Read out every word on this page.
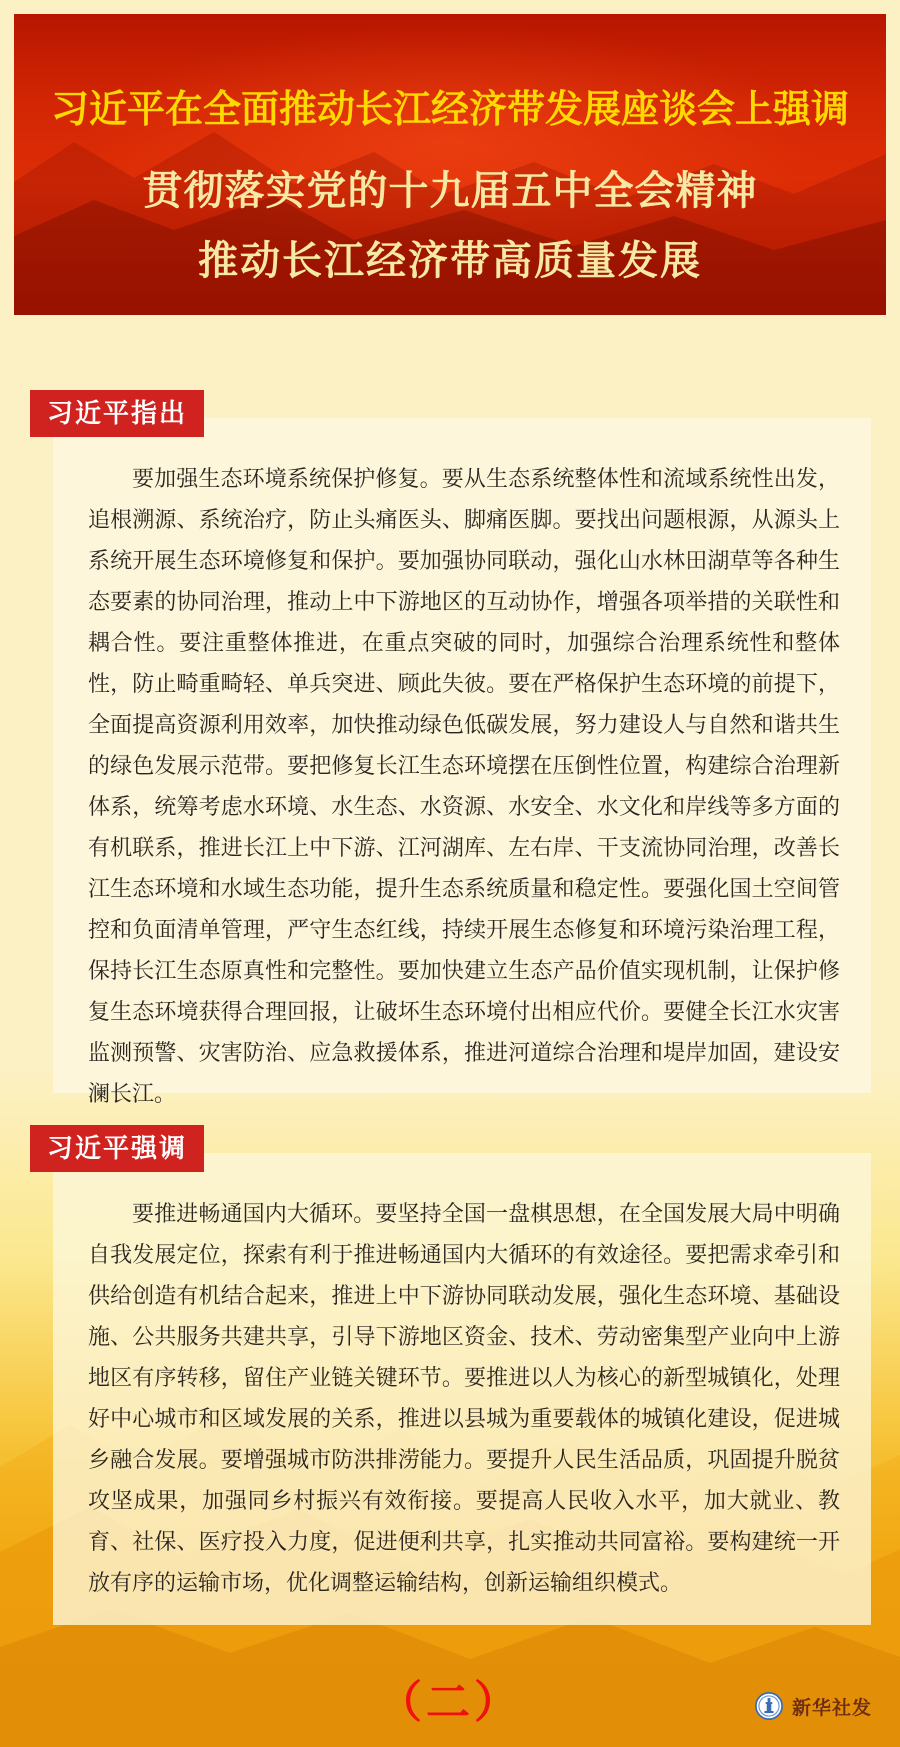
习近平在全面推动长江经济带发展座谈会上强调
贯彻落实党的十九届五中全会精神
推动长江经济带高质量发展
习近平指出

要加强生态环境系统保护修复。要从生态系统整体性和流域系统性出发，追根溯源、系统治疗，防止头痛医头、脚痛医脚。要找出问题根源，从源头上系统开展生态环境修复和保护。要加强协同联动，强化山水林田湖草等各种生态要素的协同治理，推动上中下游地区的互动协作，增强各项举措的关联性和耦合性。要注重整体推进，在重点突破的同时，加强综合治理系统性和整体性，防止畸重畸轻、单兵突进、顾此失彼。要在严格保护生态环境的前提下，全面提高资源利用效率，加快推动绿色低碳发展，努力建设人与自然和谐共生的绿色发展示范带。要把修复长江生态环境摆在压倒性位置，构建综合治理新体系，统筹考虑水环境、水生态、水资源、水安全、水文化和岸线等多方面的有机联系，推进长江上中下游、江河湖库、左右岸、干支流协同治理，改善长江生态环境和水域生态功能，提升生态系统质量和稳定性。要强化国土空间管控和负面清单管理，严守生态红线，持续开展生态修复和环境污染治理工程，保持长江生态原真性和完整性。要加快建立生态产品价值实现机制，让保护修复生态环境获得合理回报，让破坏生态环境付出相应代价。要健全长江水灾害监测预警、灾害防治、应急救援体系，推进河道综合治理和堤岸加固，建设安澜长江。

习近平强调

要推进畅通国内大循环。要坚持全国一盘棋思想，在全国发展大局中明确自我发展定位，探索有利于推进畅通国内大循环的有效途径。要把需求牵引和供给创造有机结合起来，推进上中下游协同联动发展，强化生态环境、基础设施、公共服务共建共享，引导下游地区资金、技术、劳动密集型产业向中上游地区有序转移，留住产业链关键环节。要推进以人为核心的新型城镇化，处理好中心城市和区域发展的关系，推进以县城为重要载体的城镇化建设，促进城乡融合发展。要增强城市防洪排涝能力。要提升人民生活品质，巩固提升脱贫攻坚成果，加强同乡村振兴有效衔接。要提高人民收入水平，加大就业、教育、社保、医疗投入力度，促进便利共享，扎实推动共同富裕。要构建统一开放有序的运输市场，优化调整运输结构，创新运输组织模式。

（二）	新华社发
